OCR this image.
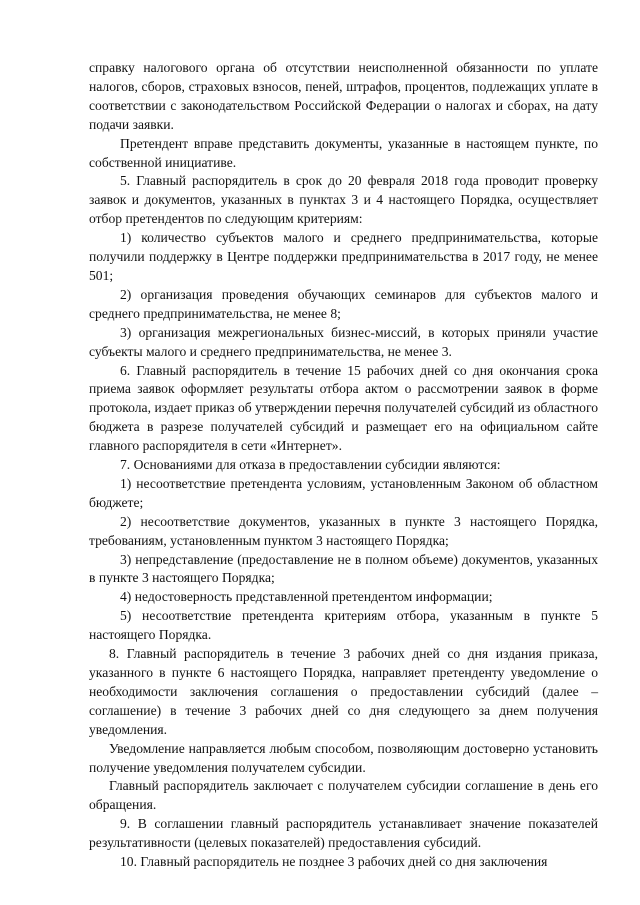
справку налогового органа об отсутствии неисполненной обязанности по уплате налогов, сборов, страховых взносов, пеней, штрафов, процентов, подлежащих уплате в соответствии с законодательством Российской Федерации о налогах и сборах, на дату подачи заявки.

Претендент вправе представить документы, указанные в настоящем пункте, по собственной инициативе.

5. Главный распорядитель в срок до 20 февраля 2018 года проводит проверку заявок и документов, указанных в пунктах 3 и 4 настоящего Порядка, осуществляет отбор претендентов по следующим критериям:

1) количество субъектов малого и среднего предпринимательства, которые получили поддержку в Центре поддержки предпринимательства в 2017 году, не менее 501;

2) организация проведения обучающих семинаров для субъектов малого и среднего предпринимательства, не менее 8;

3) организация межрегиональных бизнес-миссий, в которых приняли участие субъекты малого и среднего предпринимательства, не менее 3.

6. Главный распорядитель в течение 15 рабочих дней со дня окончания срока приема заявок оформляет результаты отбора актом о рассмотрении заявок в форме протокола, издает приказ об утверждении перечня получателей субсидий из областного бюджета в разрезе получателей субсидий и размещает его на официальном сайте главного распорядителя в сети «Интернет».

7. Основаниями для отказа в предоставлении субсидии являются:

1) несоответствие претендента условиям, установленным Законом об областном бюджете;

2) несоответствие документов, указанных в пункте 3 настоящего Порядка, требованиям, установленным пунктом 3 настоящего Порядка;

3) непредставление (предоставление не в полном объеме) документов, указанных в пункте 3 настоящего Порядка;

4) недостоверность представленной претендентом информации;

5) несоответствие претендента критериям отбора, указанным в пункте 5 настоящего Порядка.

8. Главный распорядитель в течение 3 рабочих дней со дня издания приказа, указанного в пункте 6 настоящего Порядка, направляет претенденту уведомление о необходимости заключения соглашения о предоставлении субсидий (далее – соглашение) в течение 3 рабочих дней со дня следующего за днем получения уведомления.

Уведомление направляется любым способом, позволяющим достоверно установить получение уведомления получателем субсидии.

Главный распорядитель заключает с получателем субсидии соглашение в день его обращения.

9. В соглашении главный распорядитель устанавливает значение показателей результативности (целевых показателей) предоставления субсидий.

10. Главный распорядитель не позднее 3 рабочих дней со дня заключения
